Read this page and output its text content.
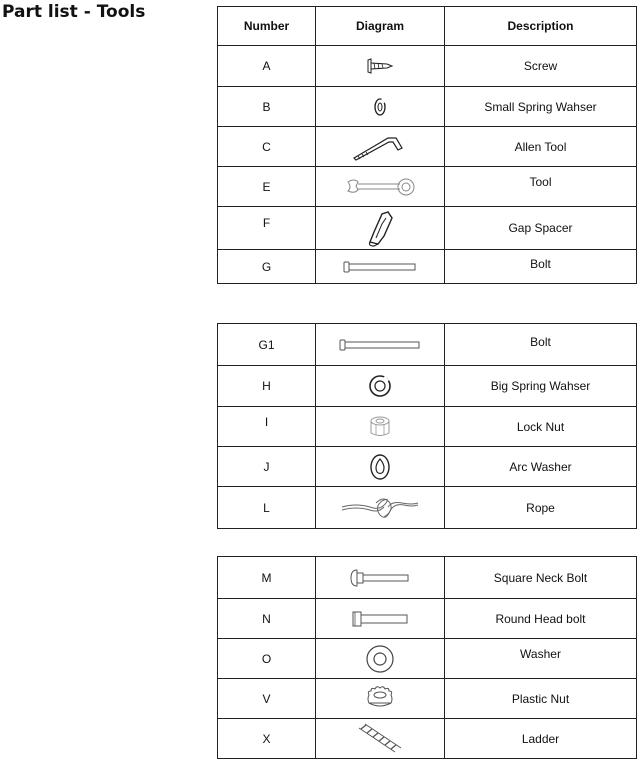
Part list - Tools
Number	Diagram	Description
A		Screw
B		Small Spring Wahser
C		Allen Tool
E		Tool
F		Gap Spacer
G		Bolt
G1		Bolt
H		Big Spring Wahser
I		Lock Nut
J		Arc Washer
L		Rope
M		Square Neck Bolt
N		Round Head bolt
O		Washer
V		Plastic Nut
X		Ladder
